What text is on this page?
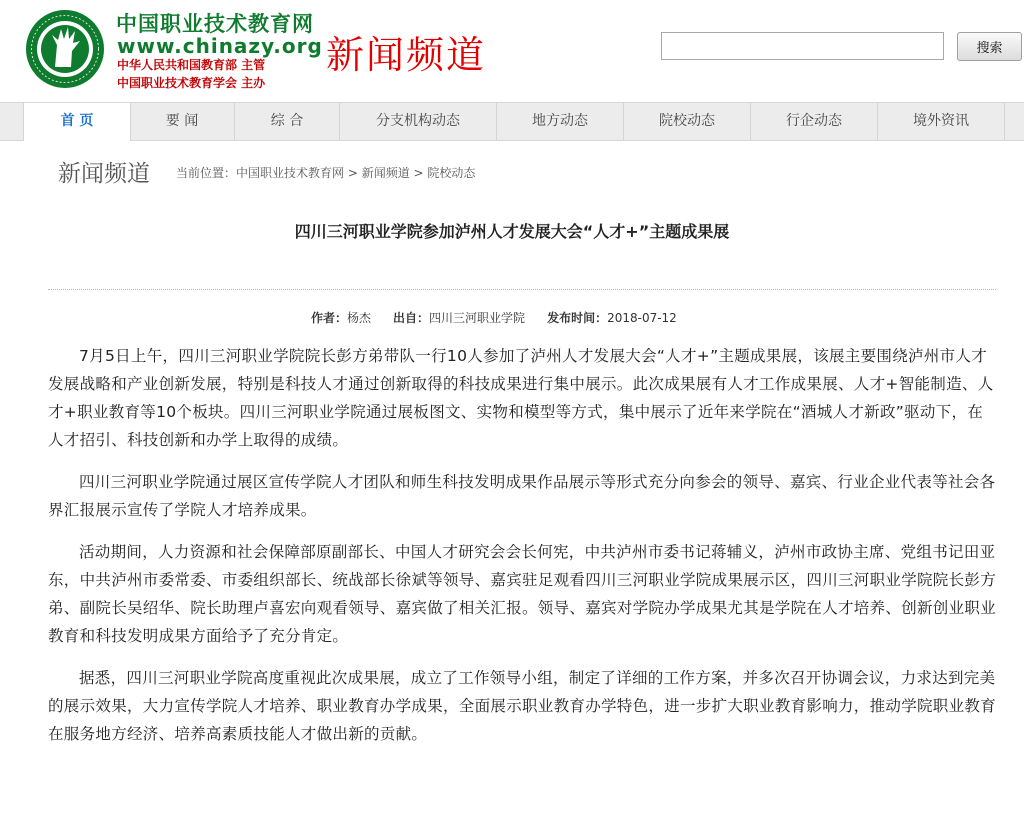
中国职业技术教育网
www.chinazy.org
中华人民共和国教育部 主管
中国职业技术教育学会 主办
新闻频道	搜索
首 页	要 闻	综 合	分支机构动态	地方动态	院校动态	行企动态	境外资讯
新闻频道 当前位置：中国职业技术教育网 > 新闻频道 > 院校动态
四川三河职业学院参加泸州人才发展大会“人才+”主题成果展
作者：杨杰 出自：四川三河职业学院 发布时间：2018-07-12

7月5日上午，四川三河职业学院院长彭方弟带队一行10人参加了泸州人才发展大会“人才+”主题成果展，该展主要围绕泸州市人才发展战略和产业创新发展，特别是科技人才通过创新取得的科技成果进行集中展示。此次成果展有人才工作成果展、人才+智能制造、人才+职业教育等10个板块。四川三河职业学院通过展板图文、实物和模型等方式，集中展示了近年来学院在“酒城人才新政”驱动下，在人才招引、科技创新和办学上取得的成绩。

四川三河职业学院通过展区宣传学院人才团队和师生科技发明成果作品展示等形式充分向参会的领导、嘉宾、行业企业代表等社会各界汇报展示宣传了学院人才培养成果。

活动期间，人力资源和社会保障部原副部长、中国人才研究会会长何宪，中共泸州市委书记蒋辅义，泸州市政协主席、党组书记田亚东，中共泸州市委常委、市委组织部长、统战部长徐斌等领导、嘉宾驻足观看四川三河职业学院成果展示区，四川三河职业学院院长彭方弟、副院长吴绍华、院长助理卢喜宏向观看领导、嘉宾做了相关汇报。领导、嘉宾对学院办学成果尤其是学院在人才培养、创新创业职业教育和科技发明成果方面给予了充分肯定。

据悉，四川三河职业学院高度重视此次成果展，成立了工作领导小组，制定了详细的工作方案，并多次召开协调会议，力求达到完美的展示效果，大力宣传学院人才培养、职业教育办学成果，全面展示职业教育办学特色，进一步扩大职业教育影响力，推动学院职业教育在服务地方经济、培养高素质技能人才做出新的贡献。
